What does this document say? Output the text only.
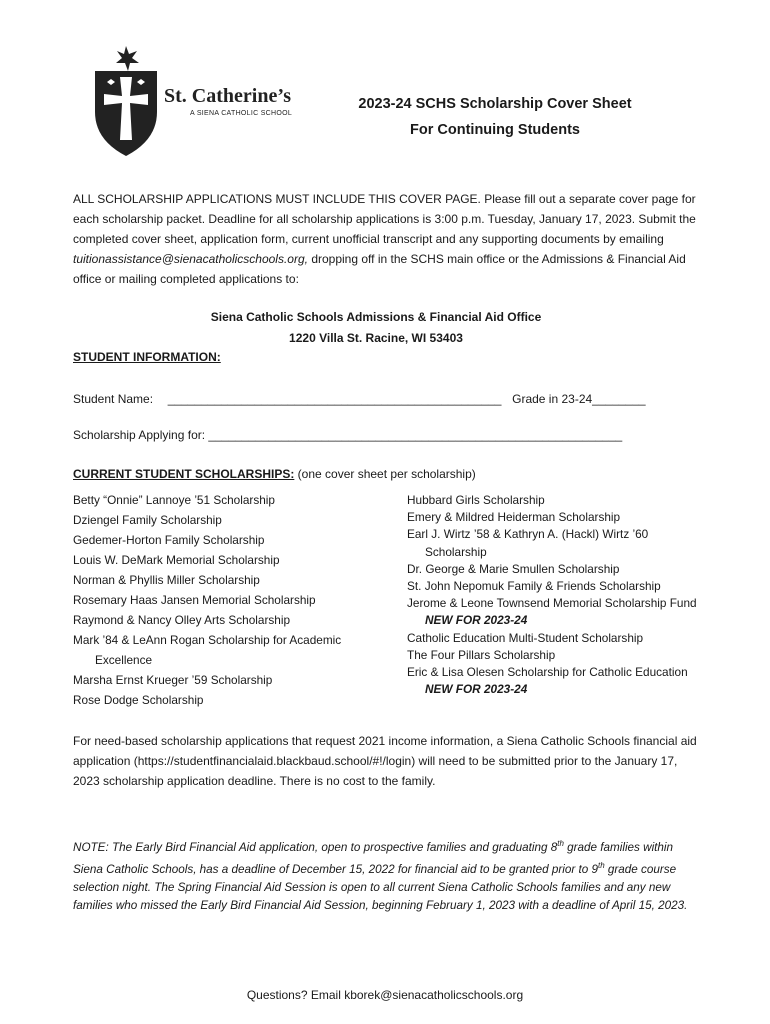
St. Catherine’s
A SIENA CATHOLIC SCHOOL
2023-24 SCHS Scholarship Cover Sheet
For Continuing Students
ALL SCHOLARSHIP APPLICATIONS MUST INCLUDE THIS COVER PAGE. Please fill out a separate cover page for each scholarship packet. Deadline for all scholarship applications is 3:00 p.m. Tuesday, January 17, 2023. Submit the completed cover sheet, application form, current unofficial transcript and any supporting documents by emailing tuitionassistance@sienacatholicschools.org, dropping off in the SCHS main office or the Admissions & Financial Aid office or mailing completed applications to:
Siena Catholic Schools Admissions & Financial Aid Office
1220 Villa St. Racine, WI 53403
STUDENT INFORMATION:
Student Name: __________________________________________________ Grade in 23-24________
Scholarship Applying for: ______________________________________________________________
CURRENT STUDENT SCHOLARSHIPS: (one cover sheet per scholarship)
Betty “Onnie” Lannoye ’51 Scholarship
Dziengel Family Scholarship
Gedemer-Horton Family Scholarship
Louis W. DeMark Memorial Scholarship
Norman & Phyllis Miller Scholarship
Rosemary Haas Jansen Memorial Scholarship
Raymond & Nancy Olley Arts Scholarship
Mark ’84 & LeAnn Rogan Scholarship for Academic Excellence
Marsha Ernst Krueger ’59 Scholarship
Rose Dodge Scholarship
Hubbard Girls Scholarship
Emery & Mildred Heiderman Scholarship
Earl J. Wirtz ’58 & Kathryn A. (Hackl) Wirtz ’60 Scholarship
Dr. George & Marie Smullen Scholarship
St. John Nepomuk Family & Friends Scholarship
Jerome & Leone Townsend Memorial Scholarship Fund NEW FOR 2023-24
Catholic Education Multi-Student Scholarship
The Four Pillars Scholarship
Eric & Lisa Olesen Scholarship for Catholic Education NEW FOR 2023-24
For need-based scholarship applications that request 2021 income information, a Siena Catholic Schools financial aid application (https://studentfinancialaid.blackbaud.school/#!/login) will need to be submitted prior to the January 17, 2023 scholarship application deadline. There is no cost to the family.
NOTE: The Early Bird Financial Aid application, open to prospective families and graduating 8th grade families within Siena Catholic Schools, has a deadline of December 15, 2022 for financial aid to be granted prior to 9th grade course selection night. The Spring Financial Aid Session is open to all current Siena Catholic Schools families and any new families who missed the Early Bird Financial Aid Session, beginning February 1, 2023 with a deadline of April 15, 2023.
Questions? Email kborek@sienacatholicschools.org
